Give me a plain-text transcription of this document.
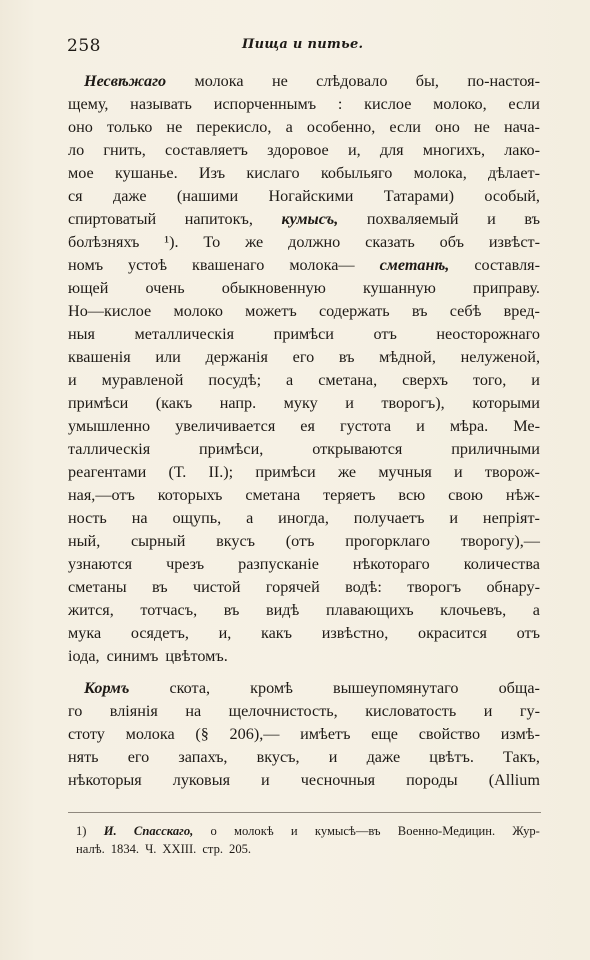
258	Пища и питье.
Несвѣжаго молока не слѣдовало бы, по-настоя-
щему, называть испорченнымъ : кислое молоко, если
оно только не перекисло, а особенно, если оно не нача-
ло гнить, составляетъ здоровое и, для многихъ, лако-
мое кушанье. Изъ кислаго кобыльяго молока, дѣлает-
ся даже (нашими Ногайскими Татарами) особый,
спиртоватый напитокъ, кумысъ, похваляемый и въ
болѣзняхъ ¹). То же должно сказать объ извѣст-
номъ устоѣ квашенаго молока— сметанѣ, составля-
ющей очень обыкновенную кушанную приправу.
Но—кислое молоко можетъ содержать въ себѣ вред-
ныя металлическія примѣси отъ неосторожнаго
квашенія или держанія его въ мѣдной, нелуженой,
и муравленой посудѣ; а сметана, сверхъ того, и
примѣси (какъ напр. муку и творогъ), которыми
умышленно увеличивается ея густота и мѣра. Ме-
таллическія	примѣси,	открываются	приличными
реагентами (Т. II.); примѣси же мучныя и творож-
ная,—отъ которыхъ сметана теряетъ всю свою нѣж-
ность на ощупь, а иногда, получаетъ и непріят-
ный, сырный вкусъ (отъ прогорклаго творогу),—
узнаются чрезъ разпусканіе нѣкотораго количества
сметаны въ чистой горячей водѣ: творогъ обнару-
жится, тотчасъ, въ видѣ плавающихъ клочьевъ, а
мука осядетъ, и, какъ извѣстно, окрасится отъ
іода, синимъ цвѣтомъ.
Кормъ скота, кромѣ вышеупомянутаго обща-
го вліянія на щелочнистость, кисловатость и гу-
стоту молока (§ 206),— имѣетъ еще свойство измѣ-
нять его запахъ, вкусъ, и даже цвѣтъ. Такъ,
нѣкоторыя луковыя и чесночныя породы (Allium
1) И. Спасскаго, о молокѣ и кумысѣ—въ Военно-Медицин. Жур-
налѣ. 1834. Ч. XXIII. стр. 205.
